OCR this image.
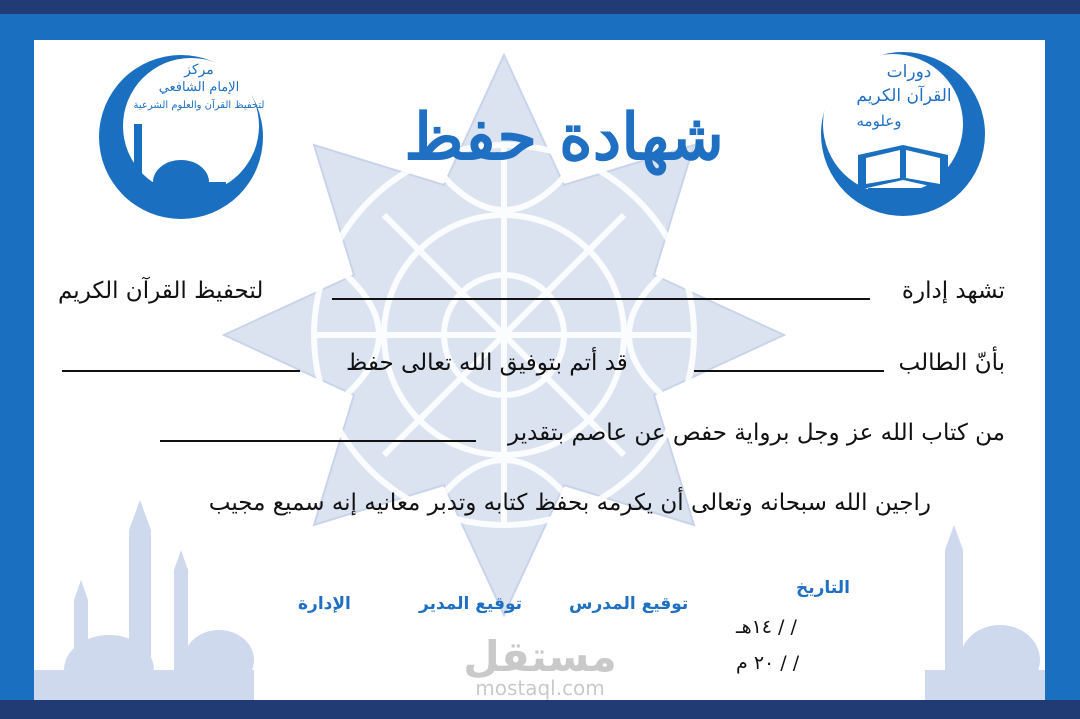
مركز
الإمام الشافعي
لتحفيظ القرآن والعلوم الشرعية
دورات
القرآن الكريم
وعلومه
شهادة حفظ
تشهد إدارة
لتحفيظ القرآن الكريم
بأنّ الطالب
قد أتم بتوفيق الله تعالى حفظ
من كتاب الله عز وجل برواية حفص عن عاصم بتقدير
راجين الله سبحانه وتعالى أن يكرمه بحفظ كتابه وتدبر معانيه إنه سميع مجيب
التاريخ
توقيع المدرس
توقيع المدير
الإدارة
/ / ١٤هـ
/ / ٢٠ م
مستقل
mostaql.com
